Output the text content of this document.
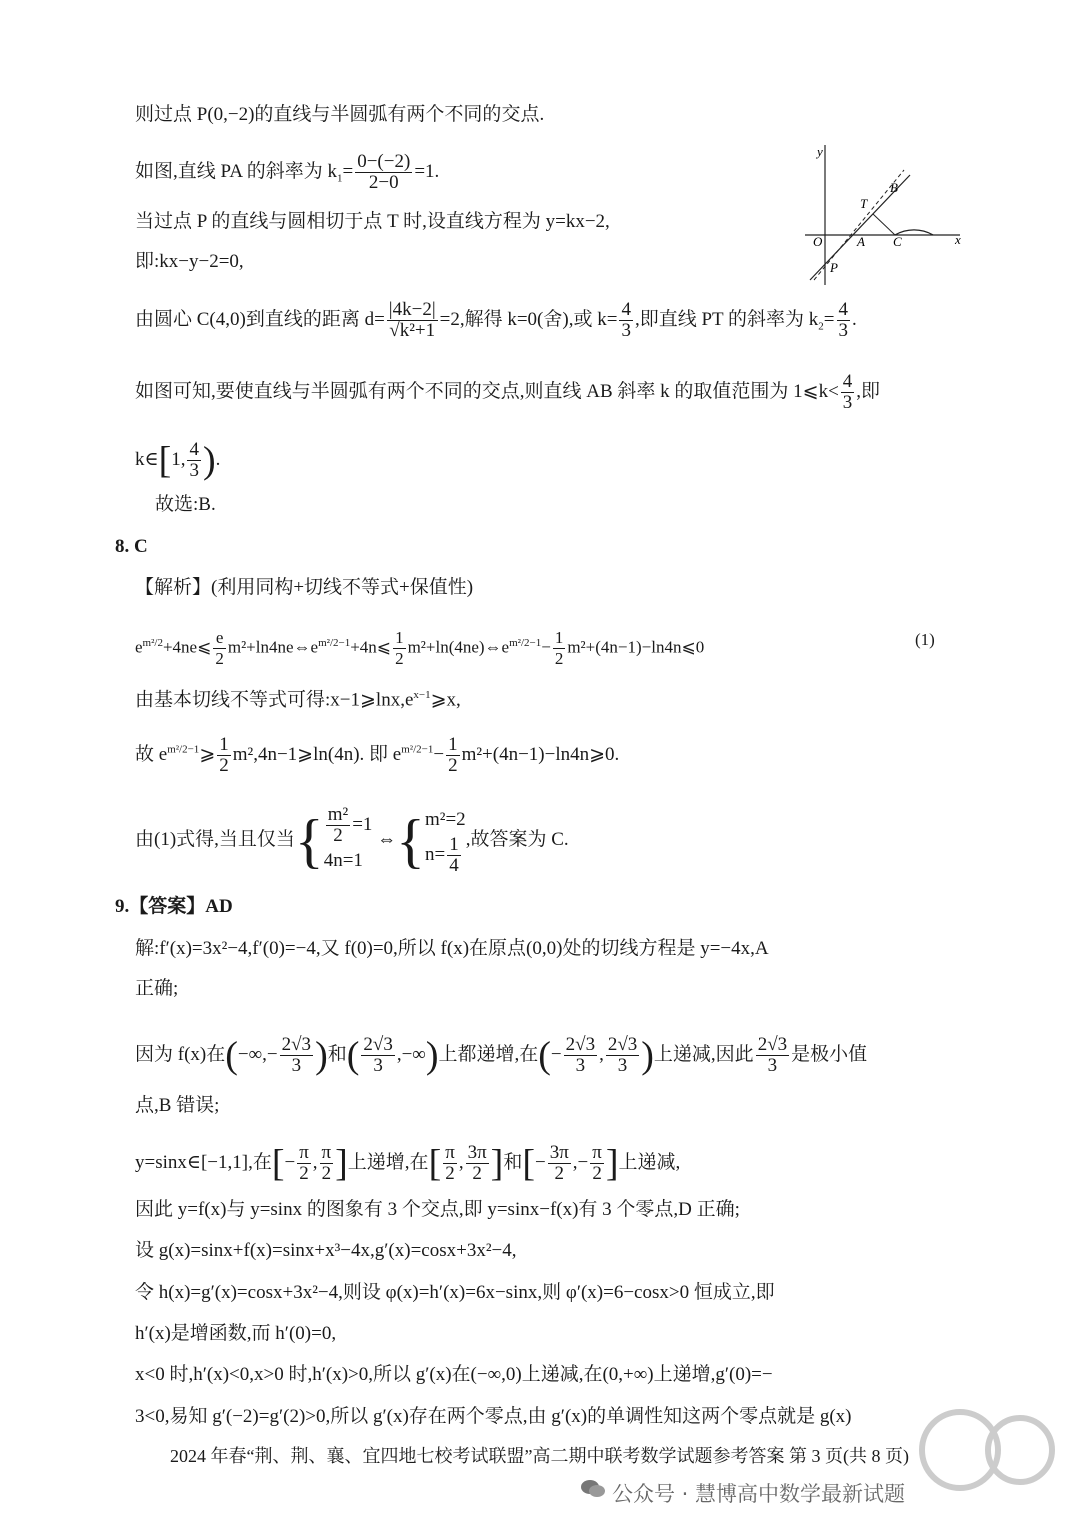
则过点 P(0,−2)的直线与半圆弧有两个不同的交点.
如图,直线 PA 的斜率为 $k_1= \frac{0-(-2)}{2-0} =1$.
当过点 P 的直线与圆相切于点 T 时,设直线方程为 y=kx−2,
即:kx−y−2=0,
由圆心 C(4,0)到直线的距离 $d= \frac{|4k-2|}{\text{√k²+1}} =2$,解得 k=0(舍),或 $k= \frac{4}{3}$ ,即直线 PT 的斜率为 $k_2= \frac{4}{3}$ .
如图可知,要使直线与半圆弧有两个不同的交点,则直线 AB 斜率 k 的取值范围为 1⩽k< $\frac{4}{3}$ ,即
k∈[1, $\frac{4}{3}$ ).
故选:B.
y
x
O	A C
B
T
P
8. C
【解析】(利用同构+切线不等式+保值性)
$e^{m^2/2}+4ne⩽ \frac{e}{2}$ $m^2+\ln 4ne\Leftrightarrow e^{m^2/2-1}+4n⩽ \frac{1}{2}$ $m^2+\ln(4ne)\Leftrightarrow e^{m^2/2-1}- \frac{1}{2}$ m²+(4n−1)−ln4n⩽0	(1)
由基本切线不等式可得$:x-1⩾\ln x,e^{x-1}⩾x$,
故 $e^{m^2/2-1}⩾ \frac{1}{2}$ m²,4n−1⩾ln(4n). 即 $e^{m^2/2-1}- \frac{1}{2}$ m²+(4n−1)−ln4n⩾0.
由(1)式得,当且仅当{ $\frac{\text{m²}}{2} =1$
4n=1 ⇔{m²=2
$n= \frac{1}{4}$ ,故答案为 C.
9.【答案】AD
解:f′(x)=3x²−4,f′(0)=−4,又 f(0)=0,所以 f(x)在原点(0,0)处的切线方程是 y=−4x,A
正确;
因为 f(x)在(−∞,− $\frac{2√3}{3}$ )和( $\frac{2√3}{3}$ ,−∞)上都递增,在(− $\frac{2√3}{3}$ , $\frac{2√3}{3}$ )上递减,因此 $\frac{2√3}{3}$ 是极小值
点,B 错误;
y=sinx∈[−1,1],在[− $\frac{\pi}{2}$ , $\frac{\pi}{2}$ ]上递增,在[ $\frac{\pi}{2}$ , $\frac{3\pi}{2}$ ]和[− $\frac{3\pi}{2}$ ,− $\frac{\pi}{2}$ ]上递减,
因此 y=f(x)与 y=sinx 的图象有 3 个交点,即 y=sinx−f(x)有 3 个零点,D 正确;
设 g(x)=sinx+f(x)=sinx+x³−4x,g′(x)=cosx+3x²−4,
令 h(x)=g′(x)=cosx+3x²−4,则设 φ(x)=h′(x)=6x−sinx,则 φ′(x)=6−cosx>0 恒成立,即
h′(x)是增函数,而 h′(0)=0,
x<0 时,h′(x)<0,x>0 时,h′(x)>0,所以 g′(x)在(−∞,0)上递减,在(0,+∞)上递增,g′(0)=−
3<0,易知 g′(−2)=g′(2)>0,所以 g′(x)存在两个零点,由 g′(x)的单调性知这两个零点就是 g(x)
2024 年春“荆、荆、襄、宜四地七校考试联盟”高二期中联考数学试题参考答案 第 3 页(共 8 页)
公众号 · 慧博高中数学最新试题
